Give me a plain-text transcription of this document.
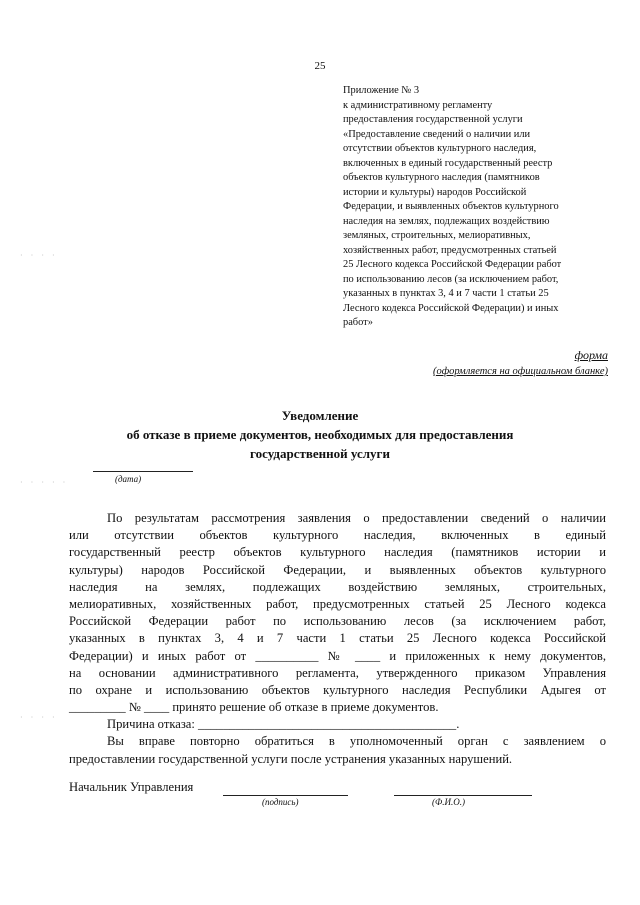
25
Приложение № 3
к административному регламенту
предоставления государственной услуги
«Предоставление сведений о наличии или
отсутствии объектов культурного наследия,
включенных в единый государственный реестр
объектов культурного наследия (памятников
истории и культуры) народов Российской
Федерации, и выявленных объектов культурного
наследия на землях, подлежащих воздействию
земляных, строительных, мелиоративных,
хозяйственных работ, предусмотренных статьей
25 Лесного кодекса Российской Федерации работ
по использованию лесов (за исключением работ,
указанных в пунктах 3, 4 и 7 части 1 статьи 25
Лесного кодекса Российской Федерации) и иных
работ»
форма
(оформляется на официальном бланке)
Уведомление
об отказе в приеме документов, необходимых для предоставления
государственной услуги
(дата)
· · · ·
· · · · ·
· · · ·
По результатам рассмотрения заявления о предоставлении сведений о наличии
или отсутствии объектов культурного наследия, включенных в единый
государственный реестр объектов культурного наследия (памятников истории и
культуры) народов Российской Федерации, и выявленных объектов культурного
наследия на землях, подлежащих воздействию земляных, строительных,
мелиоративных, хозяйственных работ, предусмотренных статьей 25 Лесного кодекса
Российской Федерации работ по использованию лесов (за исключением работ,
указанных в пунктах 3, 4 и 7 части 1 статьи 25 Лесного кодекса Российской
Федерации) и иных работ от __________ № ____ и приложенных к нему документов,
на основании административного регламента, утвержденного приказом Управления
по охране и использованию объектов культурного наследия Республики Адыгея от
_________ № ____ принято решение об отказе в приеме документов.
Причина отказа: _________________________________________.
Вы вправе повторно обратиться в уполномоченный орган с заявлением о
предоставлении государственной услуги после устранения указанных нарушений.
Начальник Управления
(подпись)	(Ф.И.О.)
